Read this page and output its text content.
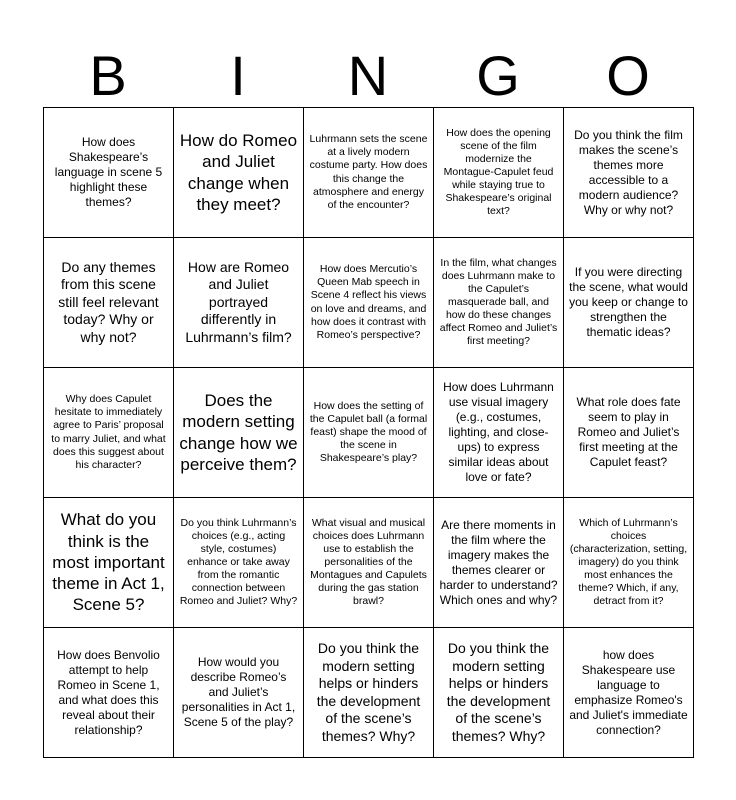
B	I	N	G	O
How does Shakespeare’s language in scene 5 highlight these themes?	How do Romeo and Juliet change when they meet?	Luhrmann sets the scene at a lively modern costume party. How does this change the atmosphere and energy of the encounter?	How does the opening scene of the film modernize the Montague-Capulet feud while staying true to Shakespeare’s original text?	Do you think the film makes the scene’s themes more accessible to a modern audience? Why or why not?
Do any themes from this scene still feel relevant today? Why or why not?	How are Romeo and Juliet portrayed differently in Luhrmann’s film?	How does Mercutio’s Queen Mab speech in Scene 4 reflect his views on love and dreams, and how does it contrast with Romeo’s perspective?	In the film, what changes does Luhrmann make to the Capulet’s masquerade ball, and how do these changes affect Romeo and Juliet’s first meeting?	If you were directing the scene, what would you keep or change to strengthen the thematic ideas?
Why does Capulet hesitate to immediately agree to Paris’ proposal to marry Juliet, and what does this suggest about his character?	Does the modern setting change how we perceive them?	How does the setting of the Capulet ball (a formal feast) shape the mood of the scene in Shakespeare’s play?	How does Luhrmann use visual imagery (e.g., costumes, lighting, and close-ups) to express similar ideas about love or fate?	What role does fate seem to play in Romeo and Juliet’s first meeting at the Capulet feast?
What do you think is the most important theme in Act 1, Scene 5?	Do you think Luhrmann’s choices (e.g., acting style, costumes) enhance or take away from the romantic connection between Romeo and Juliet? Why?	What visual and musical choices does Luhrmann use to establish the personalities of the Montagues and Capulets during the gas station brawl?	Are there moments in the film where the imagery makes the themes clearer or harder to understand? Which ones and why?	Which of Luhrmann’s choices (characterization, setting, imagery) do you think most enhances the theme? Which, if any, detract from it?
How does Benvolio attempt to help Romeo in Scene 1, and what does this reveal about their relationship?	How would you describe Romeo’s and Juliet’s personalities in Act 1, Scene 5 of the play?	Do you think the modern setting helps or hinders the development of the scene’s themes? Why?	Do you think the modern setting helps or hinders the development of the scene’s themes? Why?	how does Shakespeare use language to emphasize Romeo's and Juliet's immediate connection?
